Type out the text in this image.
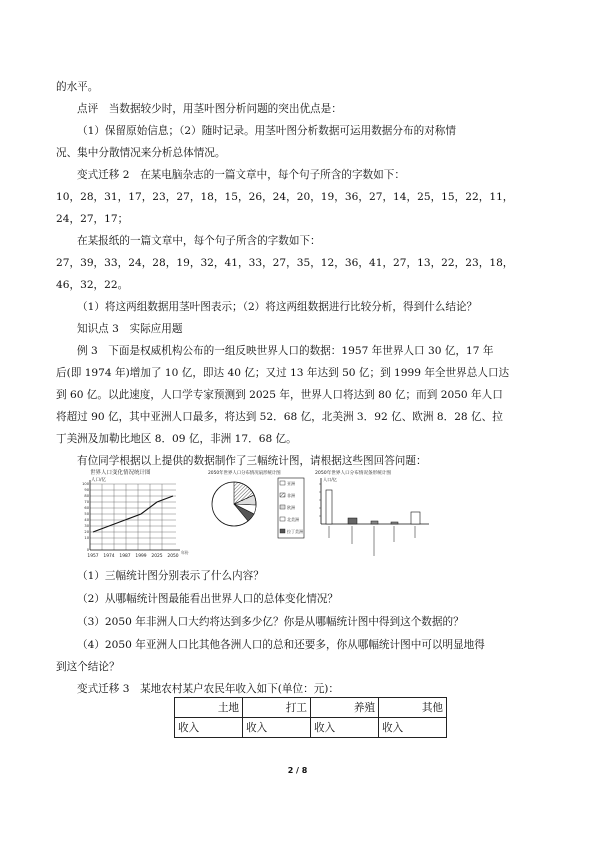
的水平。
点评　当数据较少时，用茎叶图分析问题的突出优点是：
（1）保留原始信息；（2）随时记录。用茎叶图分析数据可运用数据分布的对称情
况、集中分散情况来分析总体情况。
变式迁移 2　在某电脑杂志的一篇文章中，每个句子所含的字数如下：
10，28，31，17，23，27，18，15，26，24，20，19，36，27，14，25，15，22，11，
24，27，17；
在某报纸的一篇文章中，每个句子所含的字数如下：
27，39，33，24，28，19，32，41，33，27，35，12，36，41，27，13，22，23，18，
46，32，22。
（1）将这两组数据用茎叶图表示；（2）将这两组数据进行比较分析，得到什么结论？
知识点 3　实际应用题
例 3　下面是权威机构公布的一组反映世界人口的数据：1957 年世界人口 30 亿，17 年
后(即 1974 年)增加了 10 亿，即达 40 亿；又过 13 年达到 50 亿；到 1999 年全世界总人口达
到 60 亿。以此速度，人口学专家预测到 2025 年，世界人口将达到 80 亿；而到 2050 年人口
将超过 90 亿，其中亚洲人口最多，将达到 52．68 亿，北美洲 3．92 亿、欧洲 8．28 亿、拉
丁美洲及加勒比地区 8．09 亿，非洲 17．68 亿。
有位同学根据以上提供的数据制作了三幅统计图，请根据这些图回答问题：
世界人口变化情况统计图
人口/亿
100
90
80
70
60
50
40
30
20
10
0
1957 1974 1987 1999 2025 2050
年份
2050年世界人口分布情况扇形统计图
亚洲
非洲
欧洲
北美洲
拉丁美洲
2050年世界人口分布情况条形统计图
人口/亿
（1）三幅统计图分别表示了什么内容？
（2）从哪幅统计图最能看出世界人口的总体变化情况？
（3）2050 年非洲人口大约将达到多少亿？你是从哪幅统计图中得到这个数据的？
（4）2050 年亚洲人口比其他各洲人口的总和还要多，你从哪幅统计图中可以明显地得
到这个结论？
变式迁移 3　某地农村某户农民年收入如下(单位：元)：
土地	打工	养殖	其他
收入	收入	收入	收入
2 / 8
